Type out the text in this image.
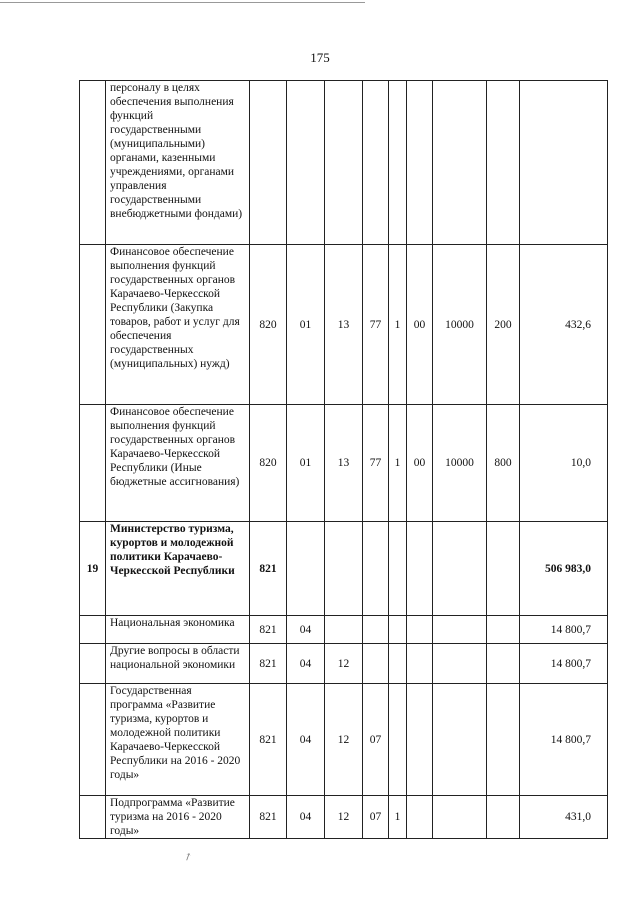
175
	персоналу в целях обеспечения выполнения функций государственными (муниципальными) органами, казенными учреждениями, органами управления государственными внебюджетными фондами)									
	Финансовое обеспечение выполнения функций государственных органов Карачаево-Черкесской Республики (Закупка товаров, работ и услуг для обеспечения государственных (муниципальных) нужд)	820	01	13	77	1	00	10000	200	432,6
	Финансовое обеспечение выполнения функций государственных органов Карачаево-Черкесской Республики (Иные бюджетные ассигнования)	820	01	13	77	1	00	10000	800	10,0
19	Министерство туризма, курортов и молодежной политики Карачаево-Черкесской Республики	821								506 983,0
	Национальная экономика	821	04							14 800,7
	Другие вопросы в области национальной экономики	821	04	12						14 800,7
	Государственная программа «Развитие туризма, курортов и молодежной политики Карачаево-Черкесской Республики на 2016 - 2020 годы»	821	04	12	07					14 800,7
	Подпрограмма «Развитие туризма на 2016 - 2020 годы»	821	04	12	07	1				431,0
↗
